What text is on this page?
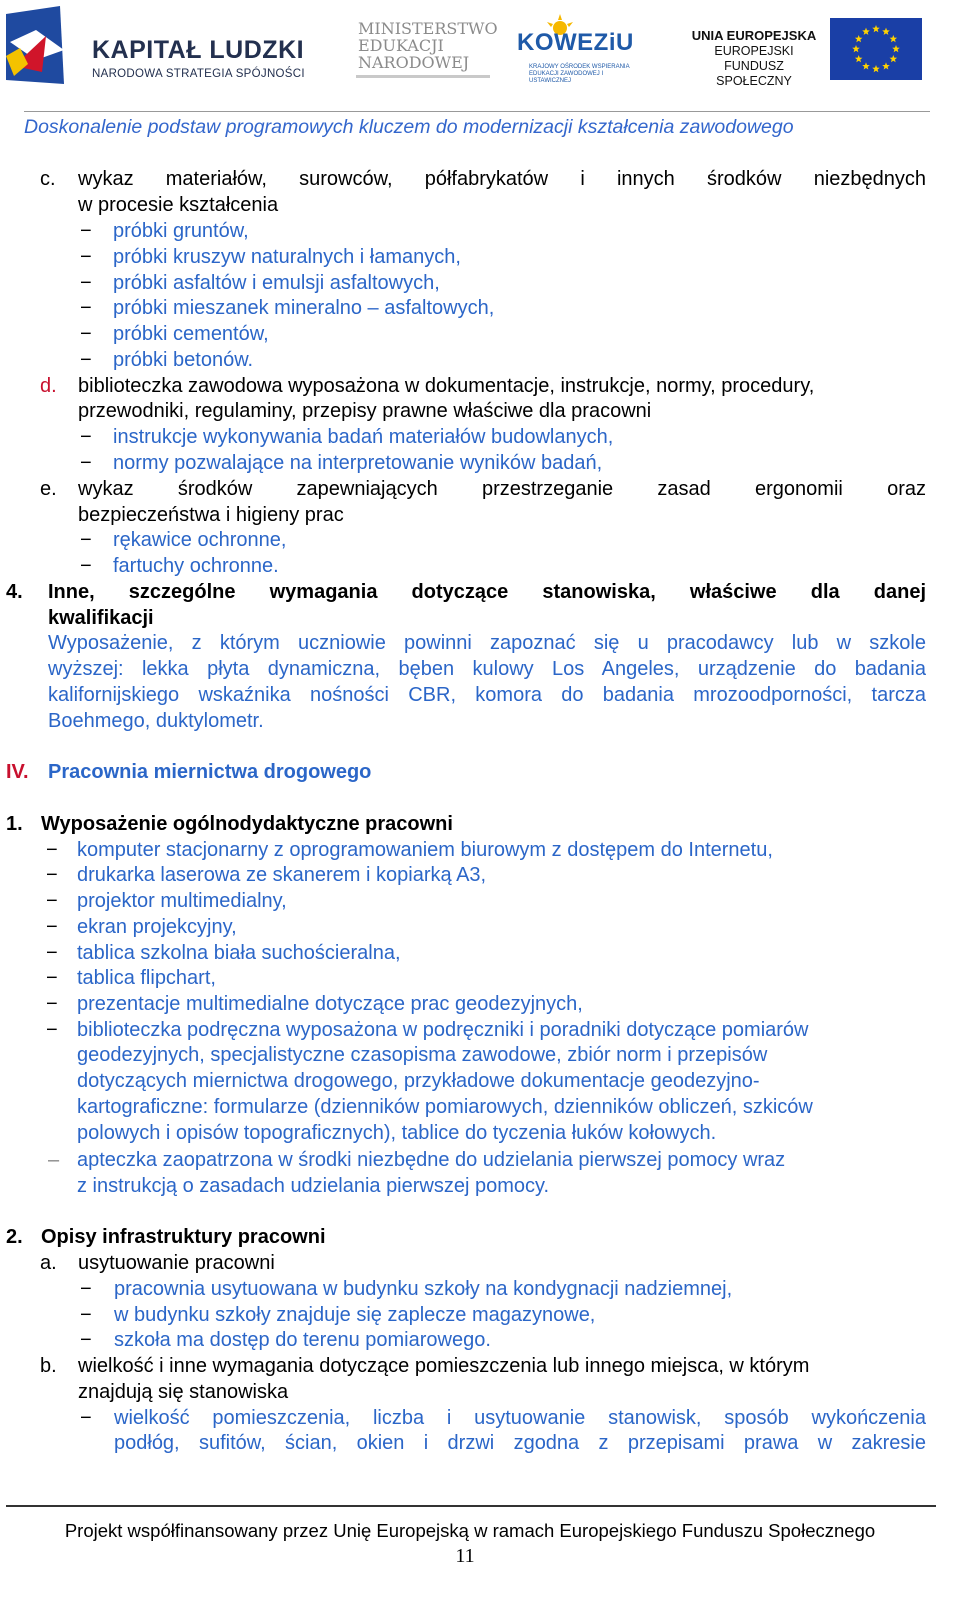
KAPITAŁ LUDZKI
NARODOWA STRATEGIA SPÓJNOŚCI
MINISTERSTWO
EDUKACJI
NARODOWEJ
KOWEZiU
KRAJOWY OŚRODEK WSPIERANIA
EDUKACJI ZAWODOWEJ I USTAWICZNEJ
UNIA EUROPEJSKA
EUROPEJSKI
FUNDUSZ SPOŁECZNY
Doskonalenie podstaw programowych kluczem do modernizacji kształcenia zawodowego
c. wykaz materiałów, surowców, półfabrykatów i innych środków niezbędnych
w procesie kształcenia
− próbki gruntów,
− próbki kruszyw naturalnych i łamanych,
− próbki asfaltów i emulsji asfaltowych,
− próbki mieszanek mineralno – asfaltowych,
− próbki cementów,
− próbki betonów.
d. biblioteczka zawodowa wyposażona w dokumentacje, instrukcje, normy, procedury,
przewodniki, regulaminy, przepisy prawne właściwe dla pracowni
− instrukcje wykonywania badań materiałów budowlanych,
− normy pozwalające na interpretowanie wyników badań,
e. wykaz środków zapewniających przestrzeganie zasad ergonomii oraz
bezpieczeństwa i higieny prac
− rękawice ochronne,
− fartuchy ochronne.
4. Inne, szczególne wymagania dotyczące stanowiska, właściwe dla danej
kwalifikacji
Wyposażenie, z którym uczniowie powinni zapoznać się u pracodawcy lub w szkole
wyższej: lekka płyta dynamiczna, bęben kulowy Los Angeles, urządzenie do badania
kalifornijskiego wskaźnika nośności CBR, komora do badania mrozoodporności, tarcza
Boehmego, duktylometr.
IV. Pracownia miernictwa drogowego
1. Wyposażenie ogólnodydaktyczne pracowni
− komputer stacjonarny z oprogramowaniem biurowym z dostępem do Internetu,
− drukarka laserowa ze skanerem i kopiarką A3,
− projektor multimedialny,
− ekran projekcyjny,
− tablica szkolna biała suchościeralna,
− tablica flipchart,
− prezentacje multimedialne dotyczące prac geodezyjnych,
− biblioteczka podręczna wyposażona w podręczniki i poradniki dotyczące pomiarów
geodezyjnych, specjalistyczne czasopisma zawodowe, zbiór norm i przepisów
dotyczących miernictwa drogowego, przykładowe dokumentacje geodezyjno-
kartograficzne: formularze (dzienników pomiarowych, dzienników obliczeń, szkiców
polowych i opisów topograficznych), tablice do tyczenia łuków kołowych.
– apteczka zaopatrzona w środki niezbędne do udzielania pierwszej pomocy wraz
z instrukcją o zasadach udzielania pierwszej pomocy.
2. Opisy infrastruktury pracowni
a. usytuowanie pracowni
− pracownia usytuowana w budynku szkoły na kondygnacji nadziemnej,
− w budynku szkoły znajduje się zaplecze magazynowe,
− szkoła ma dostęp do terenu pomiarowego.
b. wielkość i inne wymagania dotyczące pomieszczenia lub innego miejsca, w którym
znajdują się stanowiska
− wielkość pomieszczenia, liczba i usytuowanie stanowisk, sposób wykończenia
podłóg, sufitów, ścian, okien i drzwi zgodna z przepisami prawa w zakresie
Projekt współfinansowany przez Unię Europejską w ramach Europejskiego Funduszu Społecznego
11
